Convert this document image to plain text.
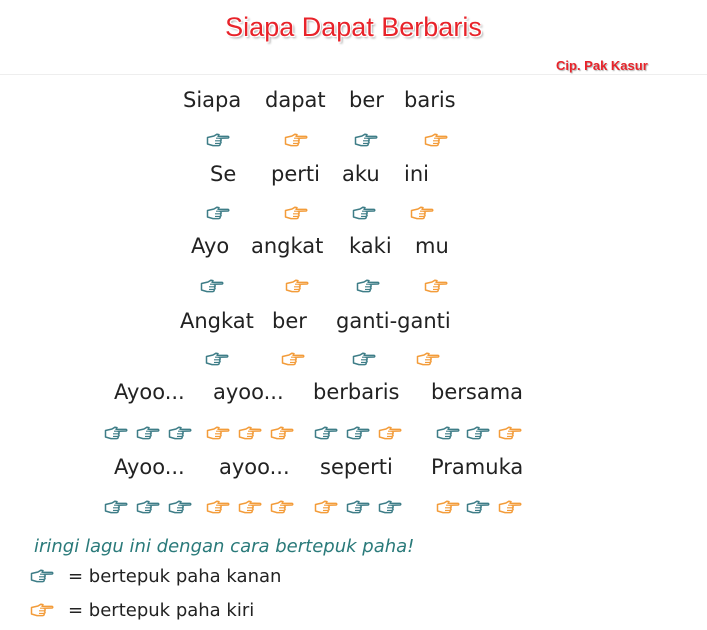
Siapa Dapat Berbaris
Cip. Pak Kasur
Siapa dapat ber baris
Se perti aku ini
Ayo angkat kaki mu
Angkat ber ganti-ganti
Ayoo... ayoo... berbaris bersama
Ayoo... ayoo... seperti Pramuka
iringi lagu ini dengan cara bertepuk paha!
= bertepuk paha kanan
= bertepuk paha kiri
